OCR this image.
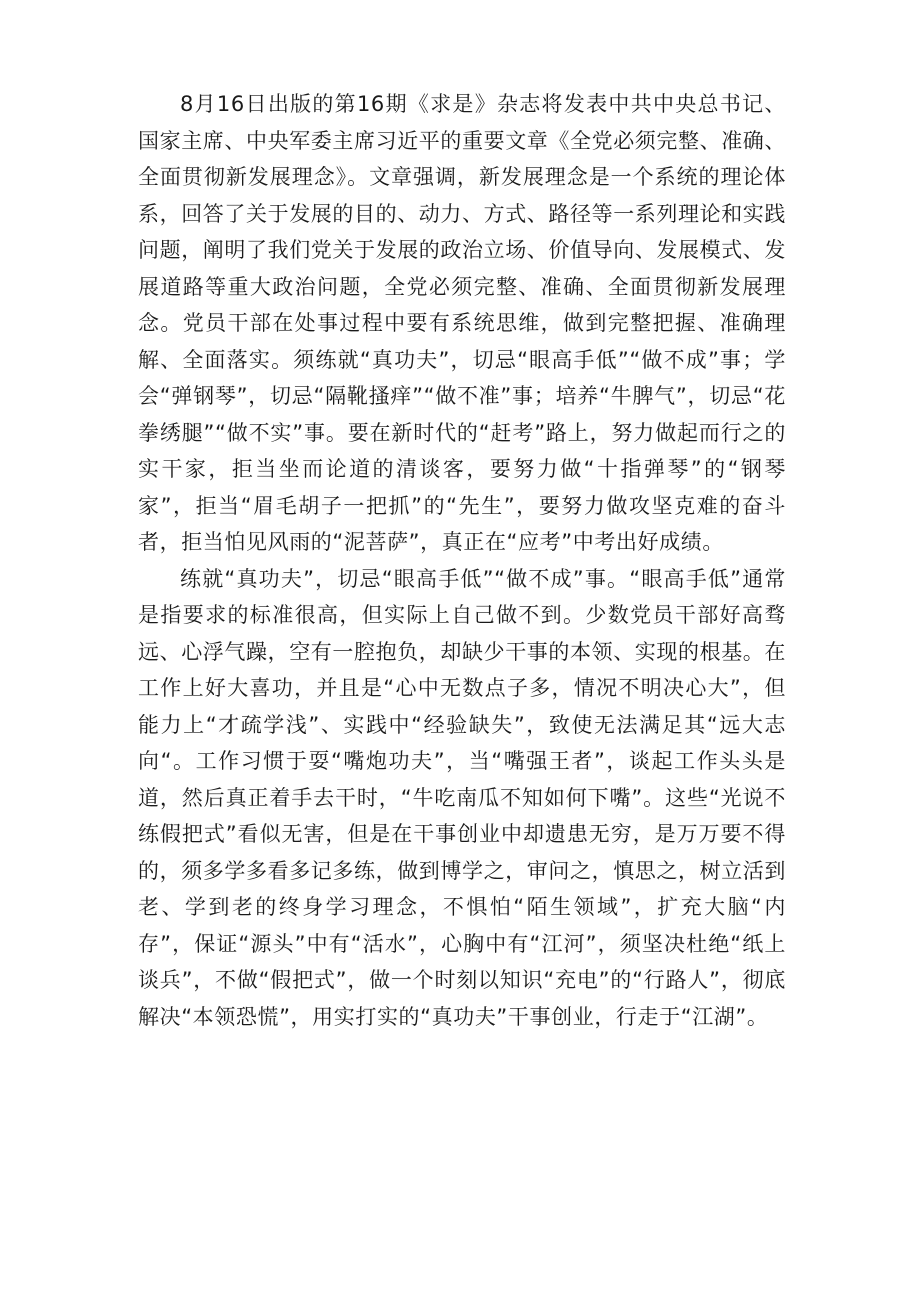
8月16日出版的第16期《求是》杂志将发表中共中央总书记、国家主席、中央军委主席习近平的重要文章《全党必须完整、准确、全面贯彻新发展理念》。文章强调，新发展理念是一个系统的理论体系，回答了关于发展的目的、动力、方式、路径等一系列理论和实践问题，阐明了我们党关于发展的政治立场、价值导向、发展模式、发展道路等重大政治问题，全党必须完整、准确、全面贯彻新发展理念。党员干部在处事过程中要有系统思维，做到完整把握、准确理解、全面落实。须练就“真功夫”，切忌“眼高手低”“做不成”事；学会“弹钢琴”，切忌“隔靴搔痒”“做不准”事；培养“牛脾气”，切忌“花拳绣腿”“做不实”事。要在新时代的“赶考”路上，努力做起而行之的实干家，拒当坐而论道的清谈客，要努力做“十指弹琴”的“钢琴家”，拒当“眉毛胡子一把抓”的“先生”，要努力做攻坚克难的奋斗者，拒当怕见风雨的“泥菩萨”，真正在“应考”中考出好成绩。

练就“真功夫”，切忌“眼高手低”“做不成”事。“眼高手低”通常是指要求的标准很高，但实际上自己做不到。少数党员干部好高骛远、心浮气躁，空有一腔抱负，却缺少干事的本领、实现的根基。在工作上好大喜功，并且是“心中无数点子多，情况不明决心大”，但能力上“才疏学浅”、实践中“经验缺失”，致使无法满足其“远大志向“。工作习惯于耍“嘴炮功夫”，当“嘴强王者”，谈起工作头头是道，然后真正着手去干时，“牛吃南瓜不知如何下嘴”。这些“光说不练假把式”看似无害，但是在干事创业中却遗患无穷，是万万要不得的，须多学多看多记多练，做到博学之，审问之，慎思之，树立活到老、学到老的终身学习理念，不惧怕“陌生领域”，扩充大脑“内存”，保证“源头”中有“活水”，心胸中有“江河”，须坚决杜绝“纸上谈兵”，不做“假把式”，做一个时刻以知识“充电”的“行路人”，彻底解决“本领恐慌”，用实打实的“真功夫”干事创业，行走于“江湖”。
